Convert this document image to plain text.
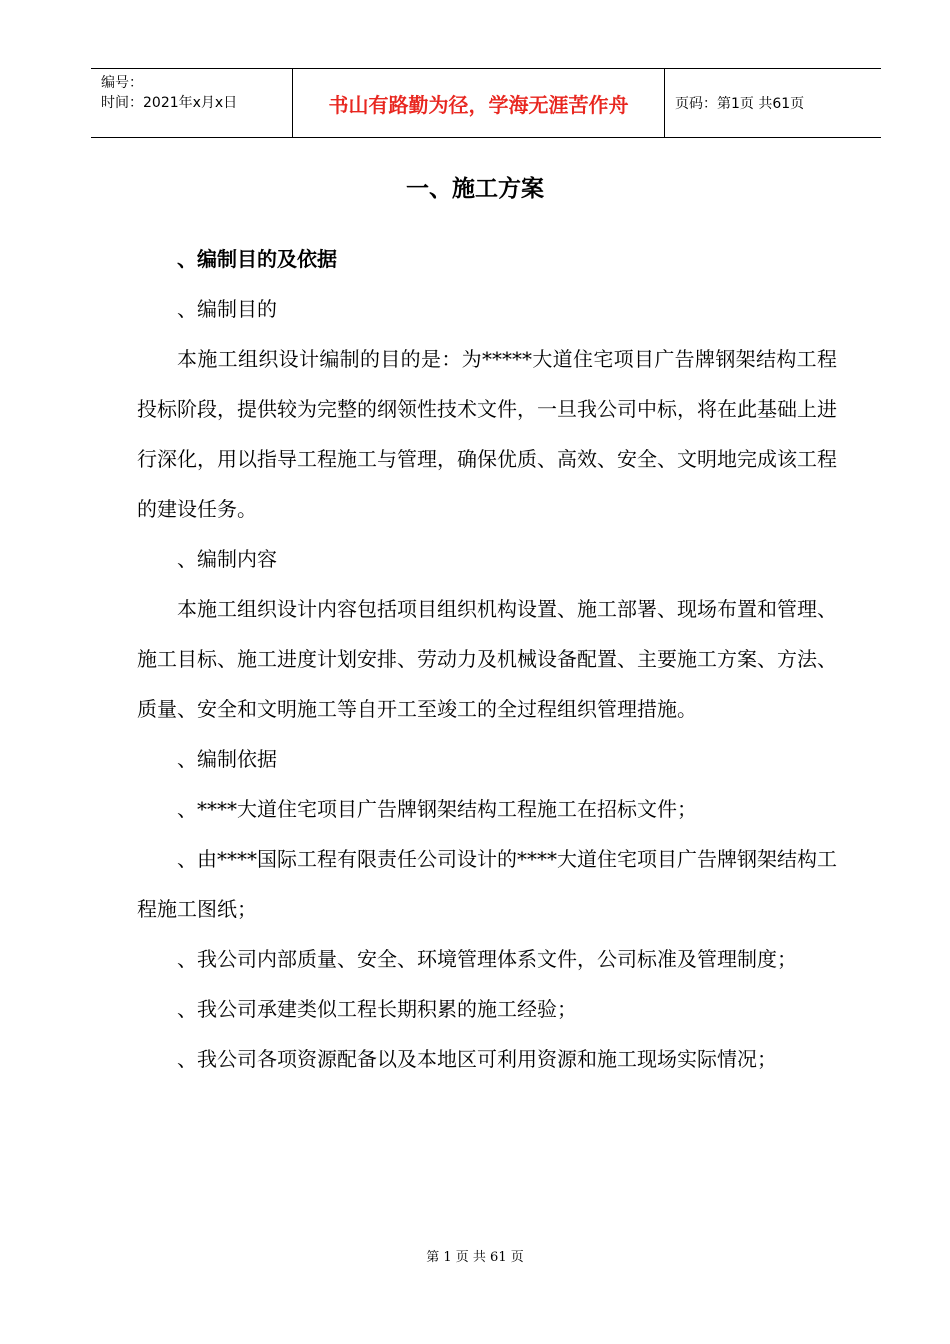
编号：
时间：2021年x月x日	书山有路勤为径，学海无涯苦作舟	页码：第1页 共61页
一、施工方案

、编制目的及依据

、编制目的

本施工组织设计编制的目的是：为*****大道住宅项目广告牌钢架结构工程投标阶段，提供较为完整的纲领性技术文件，一旦我公司中标，将在此基础上进行深化，用以指导工程施工与管理，确保优质、高效、安全、文明地完成该工程的建设任务。

、编制内容

本施工组织设计内容包括项目组织机构设置、施工部署、现场布置和管理、施工目标、施工进度计划安排、劳动力及机械设备配置、主要施工方案、方法、质量、安全和文明施工等自开工至竣工的全过程组织管理措施。

、编制依据

、****大道住宅项目广告牌钢架结构工程施工在招标文件；

、由****国际工程有限责任公司设计的****大道住宅项目广告牌钢架结构工程施工图纸；

、我公司内部质量、安全、环境管理体系文件，公司标准及管理制度；

、我公司承建类似工程长期积累的施工经验；

、我公司各项资源配备以及本地区可利用资源和施工现场实际情况；

第 1 页 共 61 页
